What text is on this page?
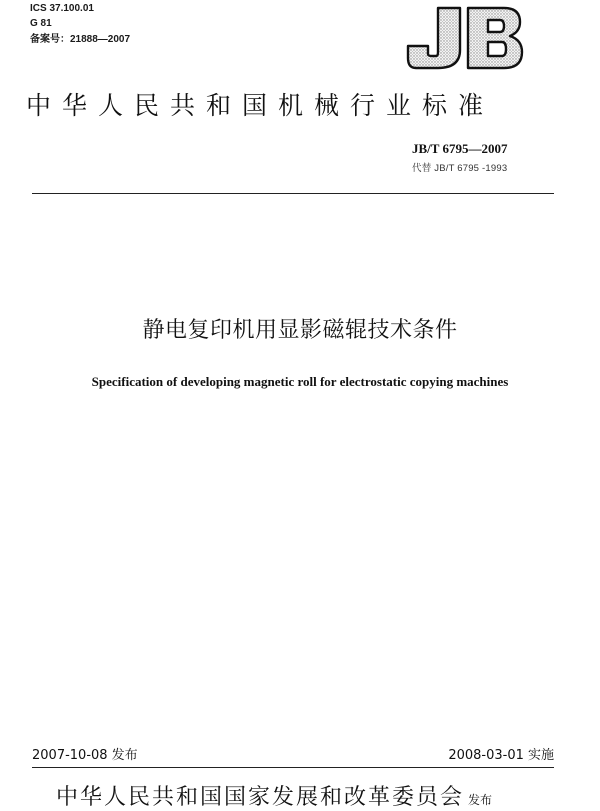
ICS 37.100.01
G 81
备案号：21888—2007
中华人民共和国机械行业标准
JB/T 6795—2007
代替 JB/T 6795 -1993
静电复印机用显影磁辊技术条件
Specification of developing magnetic roll for electrostatic copying machines
2007-10-08 发布	2008-03-01 实施
中华人民共和国国家发展和改革委员会 发布
